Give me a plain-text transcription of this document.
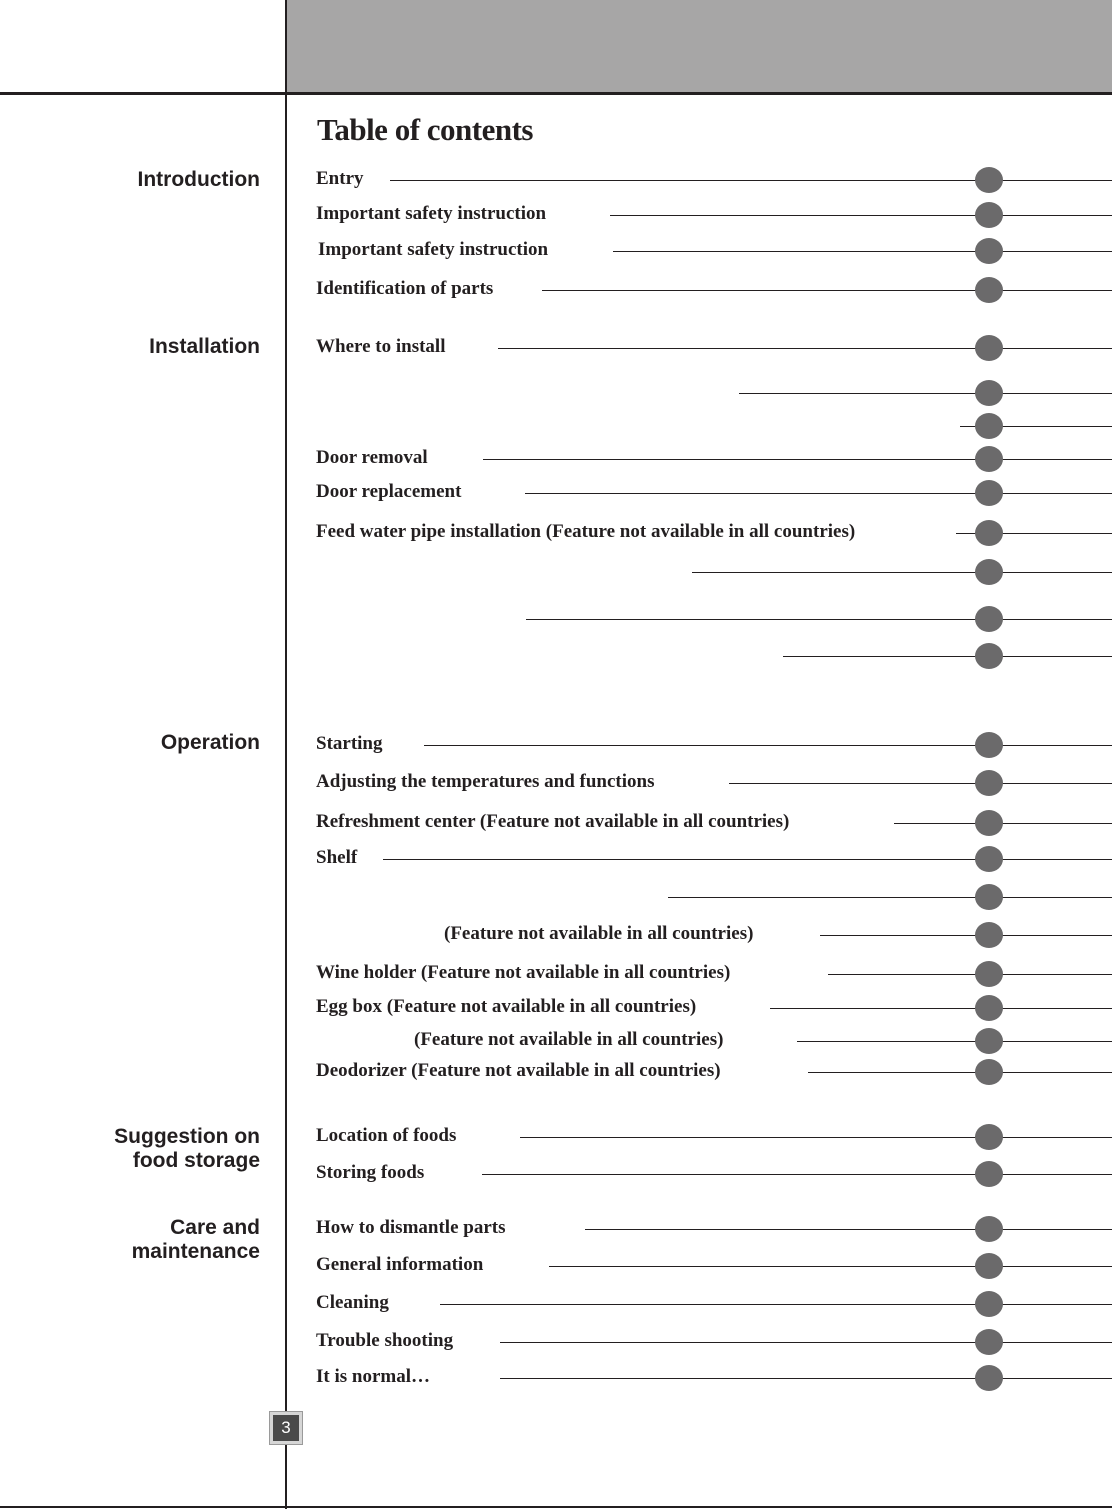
Table of contents
Introduction
Installation
Operation
Suggestion on
food storage
Care and
maintenance
Entry
Important safety instruction
Important safety instruction
Identification of parts
Where to install
Door removal
Door replacement
Feed water pipe installation (Feature not available in all countries)
Starting
Adjusting the temperatures and functions
Refreshment center (Feature not available in all countries)
Shelf
(Feature not available in all countries)
Wine holder (Feature not available in all countries)
Egg box (Feature not available in all countries)
(Feature not available in all countries)
Deodorizer (Feature not available in all countries)
Location of foods
Storing foods
How to dismantle parts
General information
Cleaning
Trouble shooting
It is normal…
3
